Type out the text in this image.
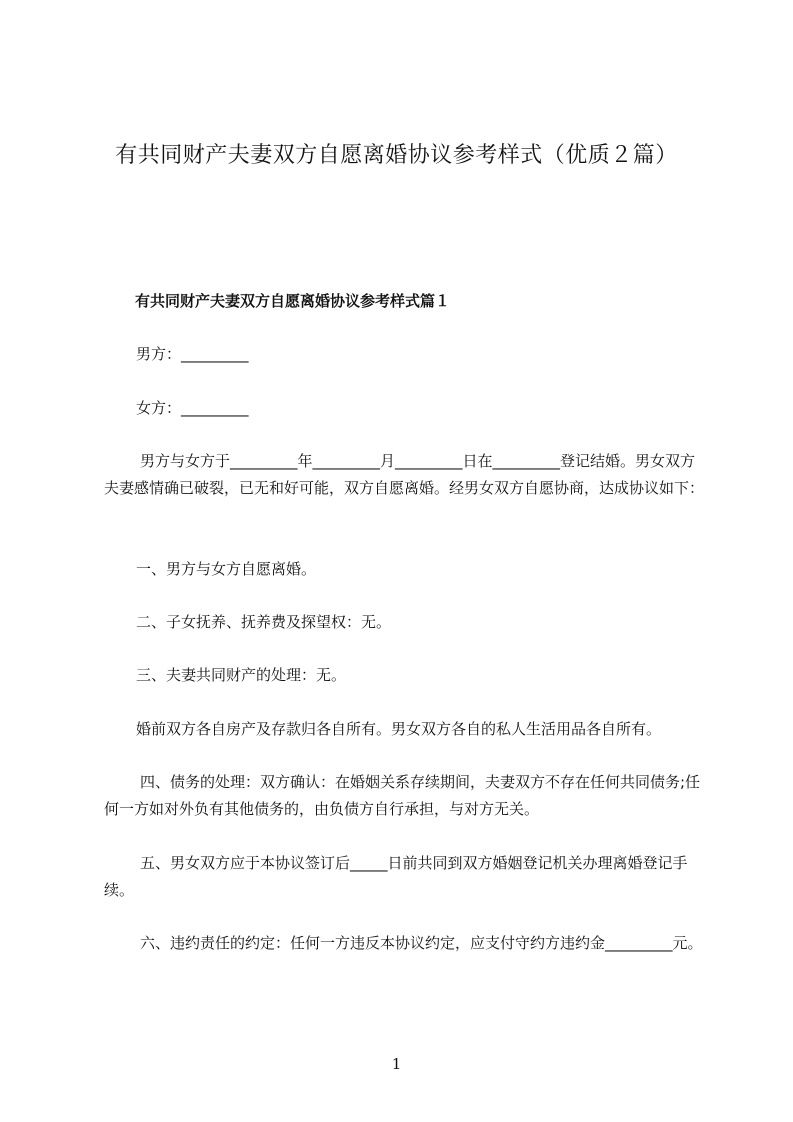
有共同财产夫妻双方自愿离婚协议参考样式（优质２篇）
有共同财产夫妻双方自愿离婚协议参考样式篇１

男方：_________

女方：_________

男方与女方于_________年_________月_________日在_________登记结婚。男女双方夫妻感情确已破裂，已无和好可能，双方自愿离婚。经男女双方自愿协商，达成协议如下：

一、男方与女方自愿离婚。

二、子女抚养、抚养费及探望权：无。

三、夫妻共同财产的处理：无。

婚前双方各自房产及存款归各自所有。男女双方各自的私人生活用品各自所有。

四、债务的处理：双方确认：在婚姻关系存续期间，夫妻双方不存在任何共同债务;任何一方如对外负有其他债务的，由负债方自行承担，与对方无关。

五、男女双方应于本协议签订后_____日前共同到双方婚姻登记机关办理离婚登记手续。

六、违约责任的约定：任何一方违反本协议约定，应支付守约方违约金_________元。

1
